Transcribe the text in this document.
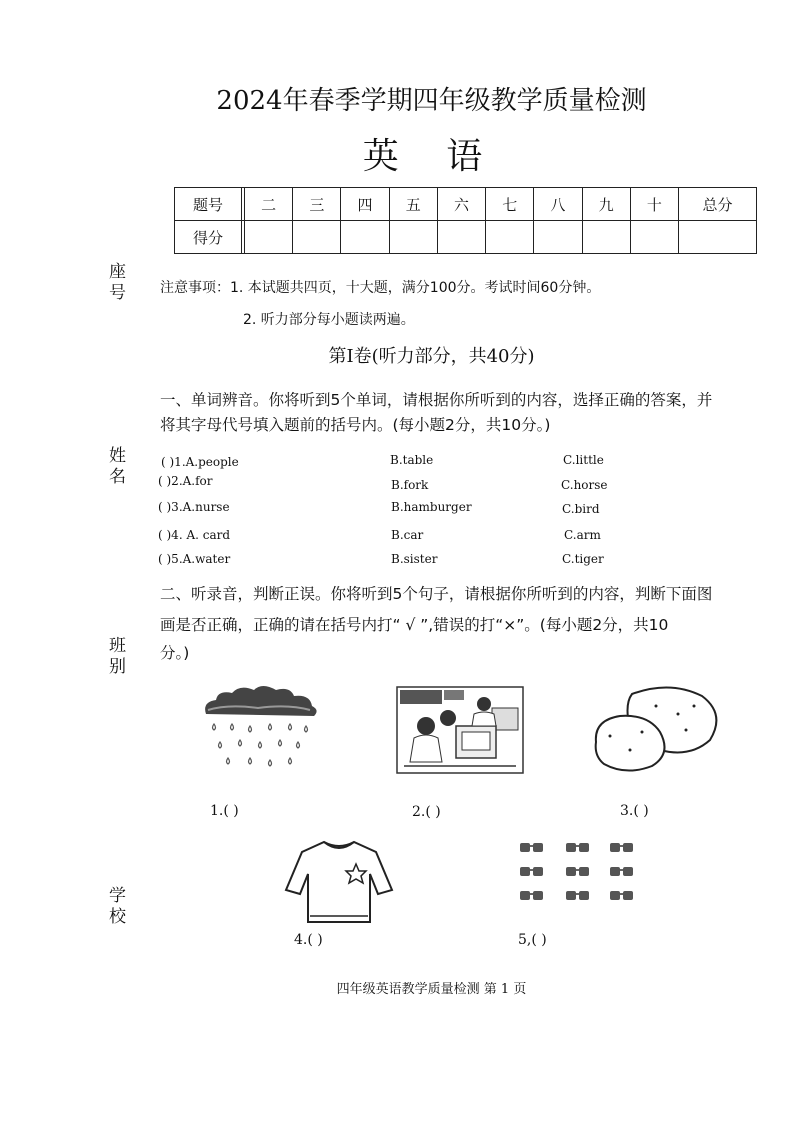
2024年春季学期四年级教学质量检测
英 语
题号		二	三	四	五	六	七	八	九	十	总分
得分											
座号
姓名
班别
学校
注意事项：1. 本试题共四页，十大题，满分100分。考试时间60分钟。
2. 听力部分每小题读两遍。
第Ⅰ卷(听力部分，共40分)
一、单词辨音。你将听到5个单词，请根据你所听到的内容，选择正确的答案，并
将其字母代号填入题前的括号内。(每小题2分，共10分。)
( )1.A.people	B.table	C.little
( )2.A.for	B.fork	C.horse
( )3.A.nurse	B.hamburger	C.bird
( )4. A. card	B.car	C.arm
( )5.A.water	B.sister	C.tiger
二、听录音，判断正误。你将听到5个句子，请根据你所听到的内容，判断下面图
画是否正确，正确的请在括号内打“ √ ”,错误的打“×”。(每小题2分，共10
分。)
1.( )	2.( )	3.( )
4.( )	5,( )
四年级英语教学质量检测 第 1 页
